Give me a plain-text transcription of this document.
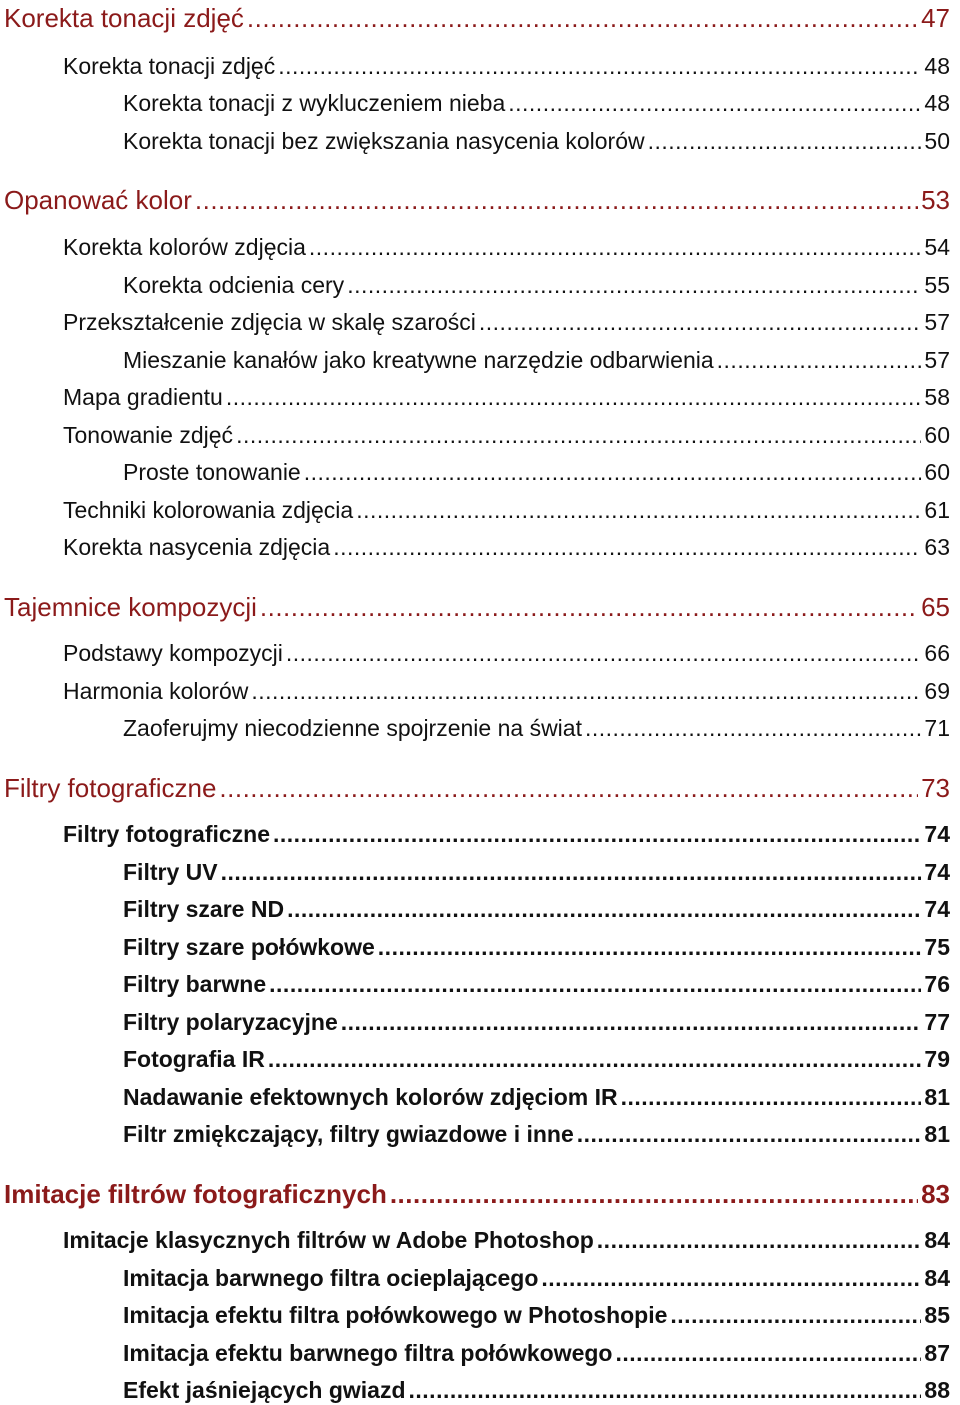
Korekta tonacji zdjęć .....	47
Korekta tonacji zdjęć .....	48
Korekta tonacji z wykluczeniem nieba .....	48
Korekta tonacji bez zwiększania nasycenia kolorów .....	50
Opanować kolor .....	53
Korekta kolorów zdjęcia .....	54
Korekta odcienia cery .....	55
Przekształcenie zdjęcia w skalę szarości .....	57
Mieszanie kanałów jako kreatywne narzędzie odbarwienia .....	57
Mapa gradientu .....	58
Tonowanie zdjęć .....	60
Proste tonowanie .....	60
Techniki kolorowania zdjęcia .....	61
Korekta nasycenia zdjęcia .....	63
Tajemnice kompozycji .....	65
Podstawy kompozycji .....	66
Harmonia kolorów .....	69
Zaoferujmy niecodzienne spojrzenie na świat .....	71
Filtry fotograficzne .....	73
Filtry fotograficzne .....	74
Filtry UV .....	74
Filtry szare ND .....	74
Filtry szare połówkowe .....	75
Filtry barwne .....	76
Filtry polaryzacyjne .....	77
Fotografia IR .....	79
Nadawanie efektownych kolorów zdjęciom IR .....	81
Filtr zmiękczający, filtry gwiazdowe i inne .....	81
Imitacje filtrów fotograficznych .....	83
Imitacje klasycznych filtrów w Adobe Photoshop .....	84
Imitacja barwnego filtra ocieplającego .....	84
Imitacja efektu filtra połówkowego w Photoshopie .....	85
Imitacja efektu barwnego filtra połówkowego .....	87
Efekt jaśniejących gwiazd .....	88
